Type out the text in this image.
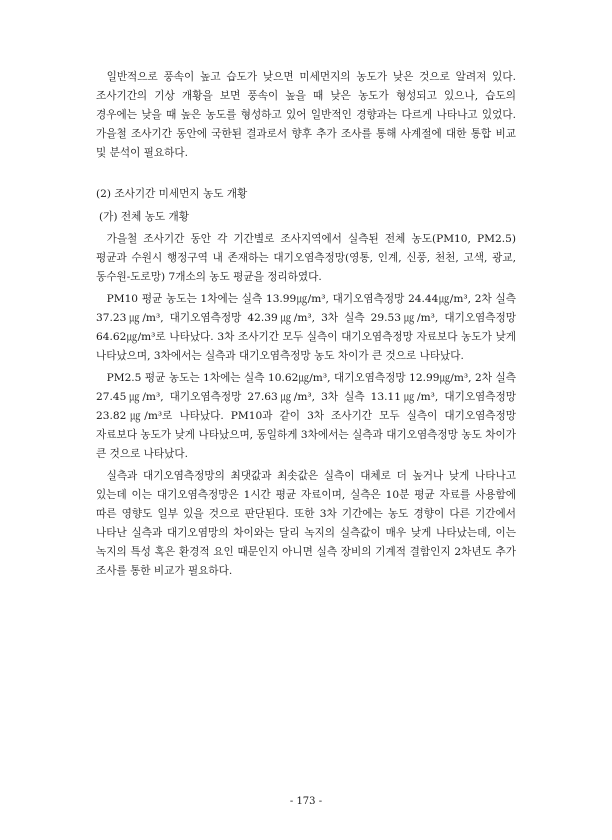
일반적으로 풍속이 높고 습도가 낮으면 미세먼지의 농도가 낮은 것으로 알려져 있다. 조사기간의 기상 개황을 보면 풍속이 높을 때 낮은 농도가 형성되고 있으나, 습도의 경우에는 낮을 때 높은 농도를 형성하고 있어 일반적인 경향과는 다르게 나타나고 있었다. 가을철 조사기간 동안에 국한된 결과로서 향후 추가 조사를 통해 사계절에 대한 통합 비교 및 분석이 필요하다.

(2) 조사기간 미세먼지 농도 개황

(가) 전체 농도 개황

가을철 조사기간 동안 각 기간별로 조사지역에서 실측된 전체 농도(PM10, PM2.5) 평균과 수원시 행정구역 내 존재하는 대기오염측정망(영통, 인계, 신풍, 천천, 고색, 광교, 동수원-도로망) 7개소의 농도 평균을 정리하였다.

PM10 평균 농도는 1차에는 실측 13.99㎍/m³, 대기오염측정망 24.44㎍/m³, 2차 실측 37.23㎍/m³, 대기오염측정망 42.39㎍/m³, 3차 실측 29.53㎍/m³, 대기오염측정망 64.62㎍/m³로 나타났다. 3차 조사기간 모두 실측이 대기오염측정망 자료보다 농도가 낮게 나타났으며, 3차에서는 실측과 대기오염측정망 농도 차이가 큰 것으로 나타났다.

PM2.5 평균 농도는 1차에는 실측 10.62㎍/m³, 대기오염측정망 12.99㎍/m³, 2차 실측 27.45㎍/m³, 대기오염측정망 27.63㎍/m³, 3차 실측 13.11㎍/m³, 대기오염측정망 23.82㎍/m³로 나타났다. PM10과 같이 3차 조사기간 모두 실측이 대기오염측정망 자료보다 농도가 낮게 나타났으며, 동일하게 3차에서는 실측과 대기오염측정망 농도 차이가 큰 것으로 나타났다.

실측과 대기오염측정망의 최댓값과 최솟값은 실측이 대체로 더 높거나 낮게 나타나고 있는데 이는 대기오염측정망은 1시간 평균 자료이며, 실측은 10분 평균 자료를 사용함에 따른 영향도 일부 있을 것으로 판단된다. 또한 3차 기간에는 농도 경향이 다른 기간에서 나타난 실측과 대기오염망의 차이와는 달리 녹지의 실측값이 매우 낮게 나타났는데, 이는 녹지의 특성 혹은 환경적 요인 때문인지 아니면 실측 장비의 기계적 결함인지 2차년도 추가 조사를 통한 비교가 필요하다.

- 173 -
